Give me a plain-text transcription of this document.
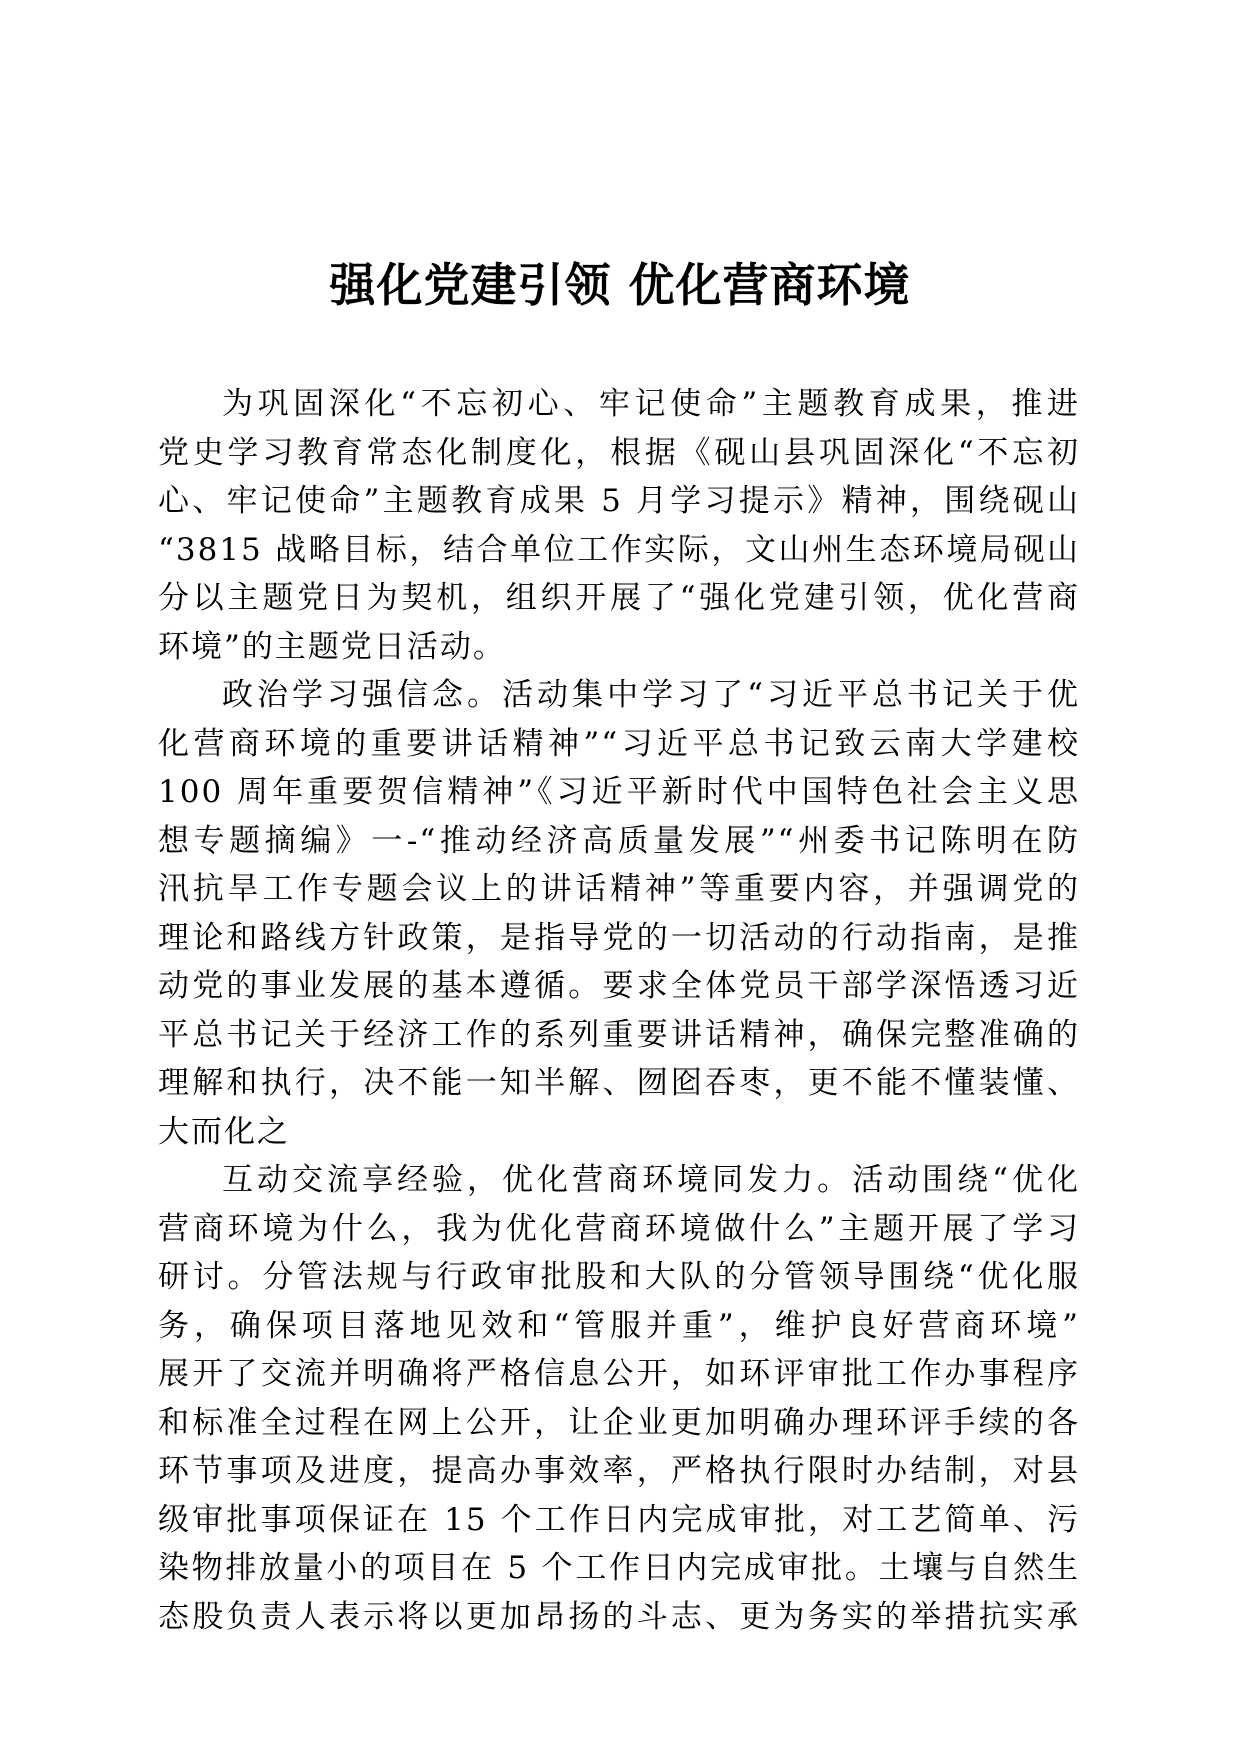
强化党建引领 优化营商环境
为巩固深化“不忘初心、牢记使命”主题教育成果，推进
党史学习教育常态化制度化，根据《砚山县巩固深化“不忘初
心、牢记使命”主题教育成果 5 月学习提示》精神，围绕砚山
“3815 战略目标，结合单位工作实际，文山州生态环境局砚山
分以主题党日为契机，组织开展了“强化党建引领，优化营商
环境”的主题党日活动。
政治学习强信念。活动集中学习了“习近平总书记关于优
化营商环境的重要讲话精神”“习近平总书记致云南大学建校
100 周年重要贺信精神”《习近平新时代中国特色社会主义思
想专题摘编》一-“推动经济高质量发展”“州委书记陈明在防
汛抗旱工作专题会议上的讲话精神”等重要内容，并强调党的
理论和路线方针政策，是指导党的一切活动的行动指南，是推
动党的事业发展的基本遵循。要求全体党员干部学深悟透习近
平总书记关于经济工作的系列重要讲话精神，确保完整准确的
理解和执行，决不能一知半解、囫囵吞枣，更不能不懂装懂、
大而化之
互动交流享经验，优化营商环境同发力。活动围绕“优化
营商环境为什么，我为优化营商环境做什么”主题开展了学习
研讨。分管法规与行政审批股和大队的分管领导围绕“优化服
务，确保项目落地见效和“管服并重”，维护良好营商环境”
展开了交流并明确将严格信息公开，如环评审批工作办事程序
和标准全过程在网上公开，让企业更加明确办理环评手续的各
环节事项及进度，提高办事效率，严格执行限时办结制，对县
级审批事项保证在 15 个工作日内完成审批，对工艺简单、污
染物排放量小的项目在 5 个工作日内完成审批。土壤与自然生
态股负责人表示将以更加昂扬的斗志、更为务实的举措抗实承
